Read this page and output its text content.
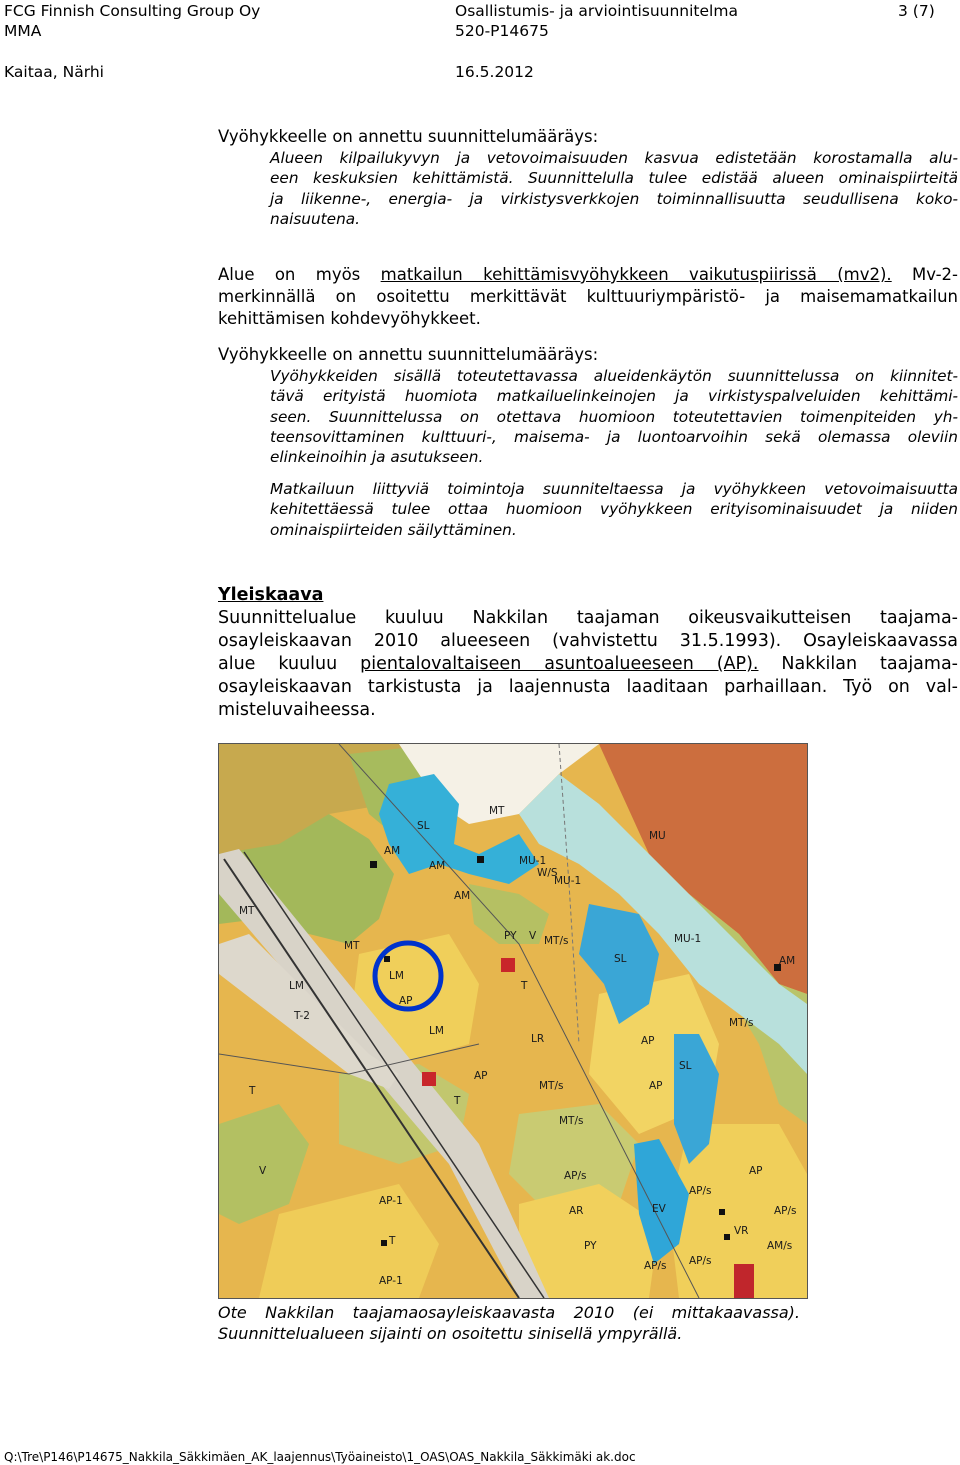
FCG Finnish Consulting Group Oy
MMA
Kaitaa, Närhi
Osallistumis- ja arviointisuunnitelma
520-P14675
16.5.2012
3 (7)
Vyöhykkeelle on annettu suunnittelumääräys:
Alueen kilpailukyvyn ja vetovoimaisuuden kasvua edistetään korostamalla alu-
een keskuksien kehittämistä. Suunnittelulla tulee edistää alueen ominaispiirteitä
ja liikenne-, energia- ja virkistysverkkojen toiminnallisuutta seudullisena koko-
naisuutena.
Alue on myös matkailun kehittämisvyöhykkeen vaikutuspiirissä (mv2). Mv-2-
merkinnällä on osoitettu merkittävät kulttuuriympäristö- ja maisemamatkailun
kehittämisen kohdevyöhykkeet.
Vyöhykkeelle on annettu suunnittelumääräys:
Vyöhykkeiden sisällä toteutettavassa alueidenkäytön suunnittelussa on kiinnitet-
tävä erityistä huomiota matkailuelinkeinojen ja virkistyspalveluiden kehittämi-
seen. Suunnittelussa on otettava huomioon toteutettavien toimenpiteiden yh-
teensovittaminen kulttuuri-, maisema- ja luontoarvoihin sekä olemassa oleviin
elinkeinoihin ja asutukseen.
Matkailuun liittyviä toimintoja suunniteltaessa ja vyöhykkeen vetovoimaisuutta
kehitettäessä tulee ottaa huomioon vyöhykkeen erityisominaisuudet ja niiden
ominaispiirteiden säilyttäminen.
Yleiskaava
Suunnittelualue kuuluu Nakkilan taajaman oikeusvaikutteisen taajama-
osayleiskaavan 2010 alueeseen (vahvistettu 31.5.1993). Osayleiskaavassa
alue kuuluu pientalovaltaiseen asuntoalueeseen (AP). Nakkilan taajama-
osayleiskaavan tarkistusta ja laajennusta laaditaan parhaillaan. Työ on val-
misteluvaiheessa.
SL
MU-1
MU-1
MU-1
W/S
AM
AM
AM
AM
MT
MT
MT
MT/s
MT/s
MT/s
MT/s
PY
PY
V
V
LM
LM
LM
T-2
AP
AP
AP
AP
AP
AP/s
AP/s
AP/s
AP-1
AP-1
T
T
T
T
SL
SL
EV
AM/s
VR
LR
MU
AP/s
AP/s
AR
Ote Nakkilan taajamaosayleiskaavasta 2010 (ei mittakaavassa).
Suunnittelualueen sijainti on osoitettu sinisellä ympyrällä.
Q:\Tre\P146\P14675_Nakkila_Säkkimäen_AK_laajennus\Työaineisto\1_OAS\OAS_Nakkila_Säkkimäki ak.doc
